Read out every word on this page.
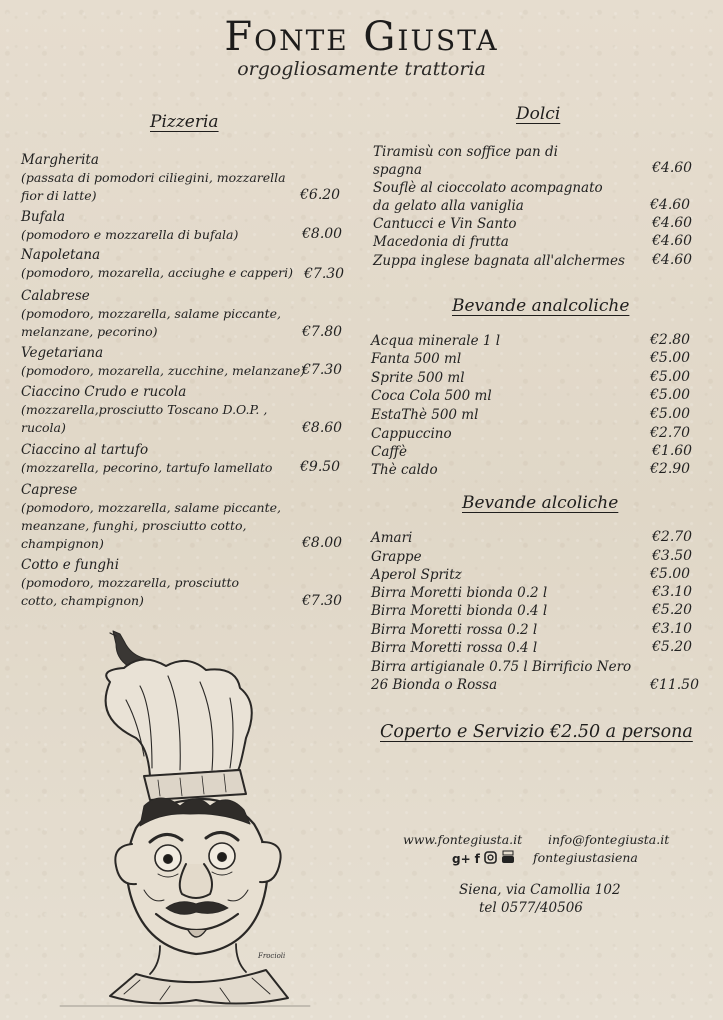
Fonte Giusta
orgogliosamente trattoria
Pizzeria
Margherita
(passata di pomodori ciliegini, mozzarella fior di latte)	€6.20
Bufala
(pomodoro e mozzarella di bufala)	€8.00
Napoletana
(pomodoro, mozarella, acciughe e capperi) €7.30
Calabrese
(pomodoro, mozzarella, salame piccante, melanzane, pecorino)	€7.80
Vegetariana
(pomodoro, mozarella, zucchine, melanzane)
€7.30
Ciaccino Crudo e rucola
(mozzarella,prosciutto Toscano D.O.P. , rucola)	€8.60
Ciaccino al tartufo
(mozzarella, pecorino, tartufo lamellato	€9.50
Caprese
(pomodoro, mozzarella, salame piccante, meanzane, funghi, prosciutto cotto, champignon)	€8.00
Cotto e funghi
(pomodoro, mozzarella, prosciutto cotto, champignon)	€7.30
Dolci
Tiramisù con soffice pan di spagna	€4.60
Souflè al cioccolato acompagnato da gelato alla vaniglia	€4.60
Cantucci e Vin Santo	€4.60
Macedonia di frutta	€4.60
Zuppa inglese bagnata all'alchermes €4.60
Bevande analcoliche
Acqua minerale 1 l	€2.80
Fanta 500 ml	€5.00
Sprite 500 ml	€5.00
Coca Cola 500 ml	€5.00
EstaThè 500 ml	€5.00
Cappuccino	€2.70
Caffè	€1.60
Thè caldo	€2.90
Bevande alcoliche
Amari	€2.70
Grappe	€3.50
Aperol Spritz	€5.00
Birra Moretti bionda 0.2 l	€3.10
Birra Moretti bionda 0.4 l	€5.20
Birra Moretti rossa 0.2 l	€3.10
Birra Moretti rossa 0.4 l	€5.20
Birra artigianale 0.75 l Birrificio Nero 26 Bionda o Rossa	€11.50
Coperto e Servizio €2.50 a persona
www.fontegiusta.it info@fontegiusta.it
g+ f	fontegiustasiena
Siena, via Camollia 102
tel 0577/40506
Frocioli
